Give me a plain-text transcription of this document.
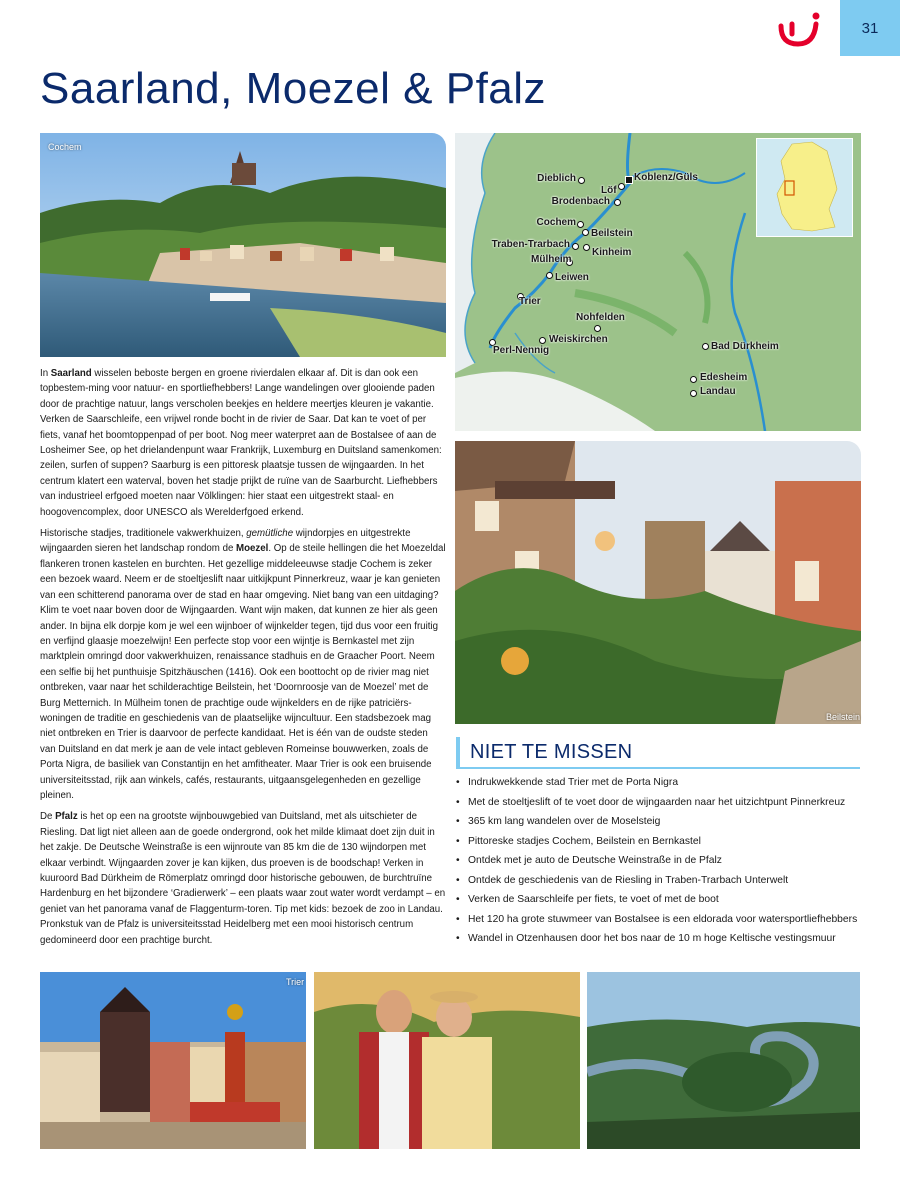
31
Saarland, Moezel & Pfalz
Cochem

In Saarland wisselen beboste bergen en groene rivierdalen elkaar af. Dit is dan ook een topbestem-ming voor natuur- en sportliefhebbers! Lange wandelingen over glooiende paden door de prachtige natuur, langs verscholen beekjes en heldere meertjes kleuren je vakantie. Verken de Saarschleife, een vrijwel ronde bocht in de rivier de Saar. Dat kan te voet of per fiets, vanaf het boomtoppenpad of per boot. Nog meer waterpret aan de Bostalsee of aan de Losheimer See, op het drielandenpunt waar Frankrijk, Luxemburg en Duitsland samenkomen: zeilen, surfen of suppen? Saarburg is een pittoresk plaatsje tussen de wijngaarden. In het centrum klatert een waterval, boven het stadje prijkt de ruïne van de Saarburcht. Liefhebbers van industrieel erfgoed moeten naar Völklingen: hier staat een uitgestrekt staal- en hoogovencomplex, door UNESCO als Werelderfgoed erkend.

Historische stadjes, traditionele vakwerkhuizen, gemütliche wijndorpjes en uitgestrekte wijngaarden sieren het landschap rondom de Moezel. Op de steile hellingen die het Moezeldal flankeren tronen kastelen en burchten. Het gezellige middeleeuwse stadje Cochem is zeker een bezoek waard. Neem er de stoeltjeslift naar uitkijkpunt Pinnerkreuz, waar je kan genieten van een schitterend panorama over de stad en haar omgeving. Niet bang van een uitdaging? Klim te voet naar boven door de Wijngaarden. Want wijn maken, dat kunnen ze hier als geen ander. In bijna elk dorpje kom je wel een wijnboer of wijnkelder tegen, tijd dus voor een fruitig en verfijnd glaasje moezelwijn! Een perfecte stop voor een wijntje is Bernkastel met zijn marktplein omringd door vakwerkhuizen, renaissance stadhuis en de Graacher Poort. Neem een selfie bij het punthuisje Spitzhäuschen (1416). Ook een boottocht op de rivier mag niet ontbreken, vaar naar het schilderachtige Beilstein, het ‘Doornroosje van de Moezel’ met de Burg Metternich. In Mülheim tonen de prachtige oude wijnkelders en de rijke patriciërs-woningen de traditie en geschiedenis van de plaatselijke wijncultuur. Een stadsbezoek mag niet ontbreken en Trier is daarvoor de perfecte kandidaat. Het is één van de oudste steden van Duitsland en dat merk je aan de vele intact gebleven Romeinse bouwwerken, zoals de Porta Nigra, de basiliek van Constantijn en het amfitheater. Maar Trier is ook een bruisende universiteitsstad, rijk aan winkels, cafés, restaurants, uitgaansgelegenheden en gezellige pleinen.

De Pfalz is het op een na grootste wijnbouwgebied van Duitsland, met als uitschieter de Riesling. Dat ligt niet alleen aan de goede ondergrond, ook het milde klimaat doet zijn duit in het zakje. De Deutsche Weinstraße is een wijnroute van 85 km die de 130 wijndorpen met elkaar verbindt. Wijngaarden zover je kan kijken, dus proeven is de boodschap! Verken in kuuroord Bad Dürkheim de Römerplatz omringd door historische gebouwen, de burchtruïne Hardenburg en het bijzondere ‘Gradierwerk’ – een plaats waar zout water wordt verdampt – en geniet van het panorama vanaf de Flaggenturm-toren. Tip met kids: bezoek de zoo in Landau. Pronkstuk van de Pfalz is universiteitsstad Heidelberg met een mooi historisch centrum gedomineerd door een prachtige burcht.

Dieblich	Koblenz/Güls
Löf
Brodenbach
Cochem
Beilstein
Traben-Trarbach
Kinheim
Mülheim
Leiwen
Trier
Nohfelden
Weiskirchen
Perl-Nennig	Bad Dürkheim
Edesheim
Landau
Beilstein
NIET TE MISSEN
• Indrukwekkende stad Trier met de Porta Nigra
• Met de stoeltjeslift of te voet door de wijngaarden naar het uitzichtpunt Pinnerkreuz
• 365 km lang wandelen over de Moselsteig
• Pittoreske stadjes Cochem, Beilstein en Bernkastel
• Ontdek met je auto de Deutsche Weinstraße in de Pfalz
• Ontdek de geschiedenis van de Riesling in Traben-Trarbach Unterwelt
• Verken de Saarschleife per fiets, te voet of met de boot
• Het 120 ha grote stuwmeer van Bostalsee is een eldorada voor watersportliefhebbers
• Wandel in Otzenhausen door het bos naar de 10 m hoge Keltische vestingsmuur
Trier
